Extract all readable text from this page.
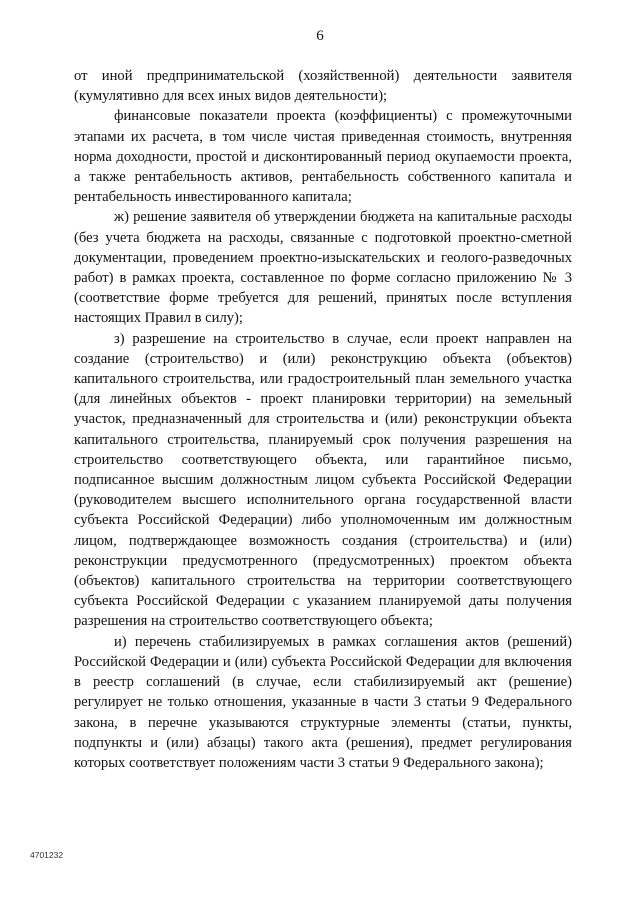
6

от иной предпринимательской (хозяйственной) деятельности заявителя (кумулятивно для всех иных видов деятельности);

финансовые показатели проекта (коэффициенты) с промежуточными этапами их расчета, в том числе чистая приведенная стоимость, внутренняя норма доходности, простой и дисконтированный период окупаемости проекта, а также рентабельность активов, рентабельность собственного капитала и рентабельность инвестированного капитала;

ж) решение заявителя об утверждении бюджета на капитальные расходы (без учета бюджета на расходы, связанные с подготовкой проектно-сметной документации, проведением проектно-изыскательских и геолого-разведочных работ) в рамках проекта, составленное по форме согласно приложению № 3 (соответствие форме требуется для решений, принятых после вступления настоящих Правил в силу);

з) разрешение на строительство в случае, если проект направлен на создание (строительство) и (или) реконструкцию объекта (объектов) капитального строительства, или градостроительный план земельного участка (для линейных объектов - проект планировки территории) на земельный участок, предназначенный для строительства и (или) реконструкции объекта капитального строительства, планируемый срок получения разрешения на строительство соответствующего объекта, или гарантийное письмо, подписанное высшим должностным лицом субъекта Российской Федерации (руководителем высшего исполнительного органа государственной власти субъекта Российской Федерации) либо уполномоченным им должностным лицом, подтверждающее возможность создания (строительства) и (или) реконструкции предусмотренного (предусмотренных) проектом объекта (объектов) капитального строительства на территории соответствующего субъекта Российской Федерации с указанием планируемой даты получения разрешения на строительство соответствующего объекта;

и) перечень стабилизируемых в рамках соглашения актов (решений) Российской Федерации и (или) субъекта Российской Федерации для включения в реестр соглашений (в случае, если стабилизируемый акт (решение) регулирует не только отношения, указанные в части 3 статьи 9 Федерального закона, в перечне указываются структурные элементы (статьи, пункты, подпункты и (или) абзацы) такого акта (решения), предмет регулирования которых соответствует положениям части 3 статьи 9 Федерального закона);

4701232
